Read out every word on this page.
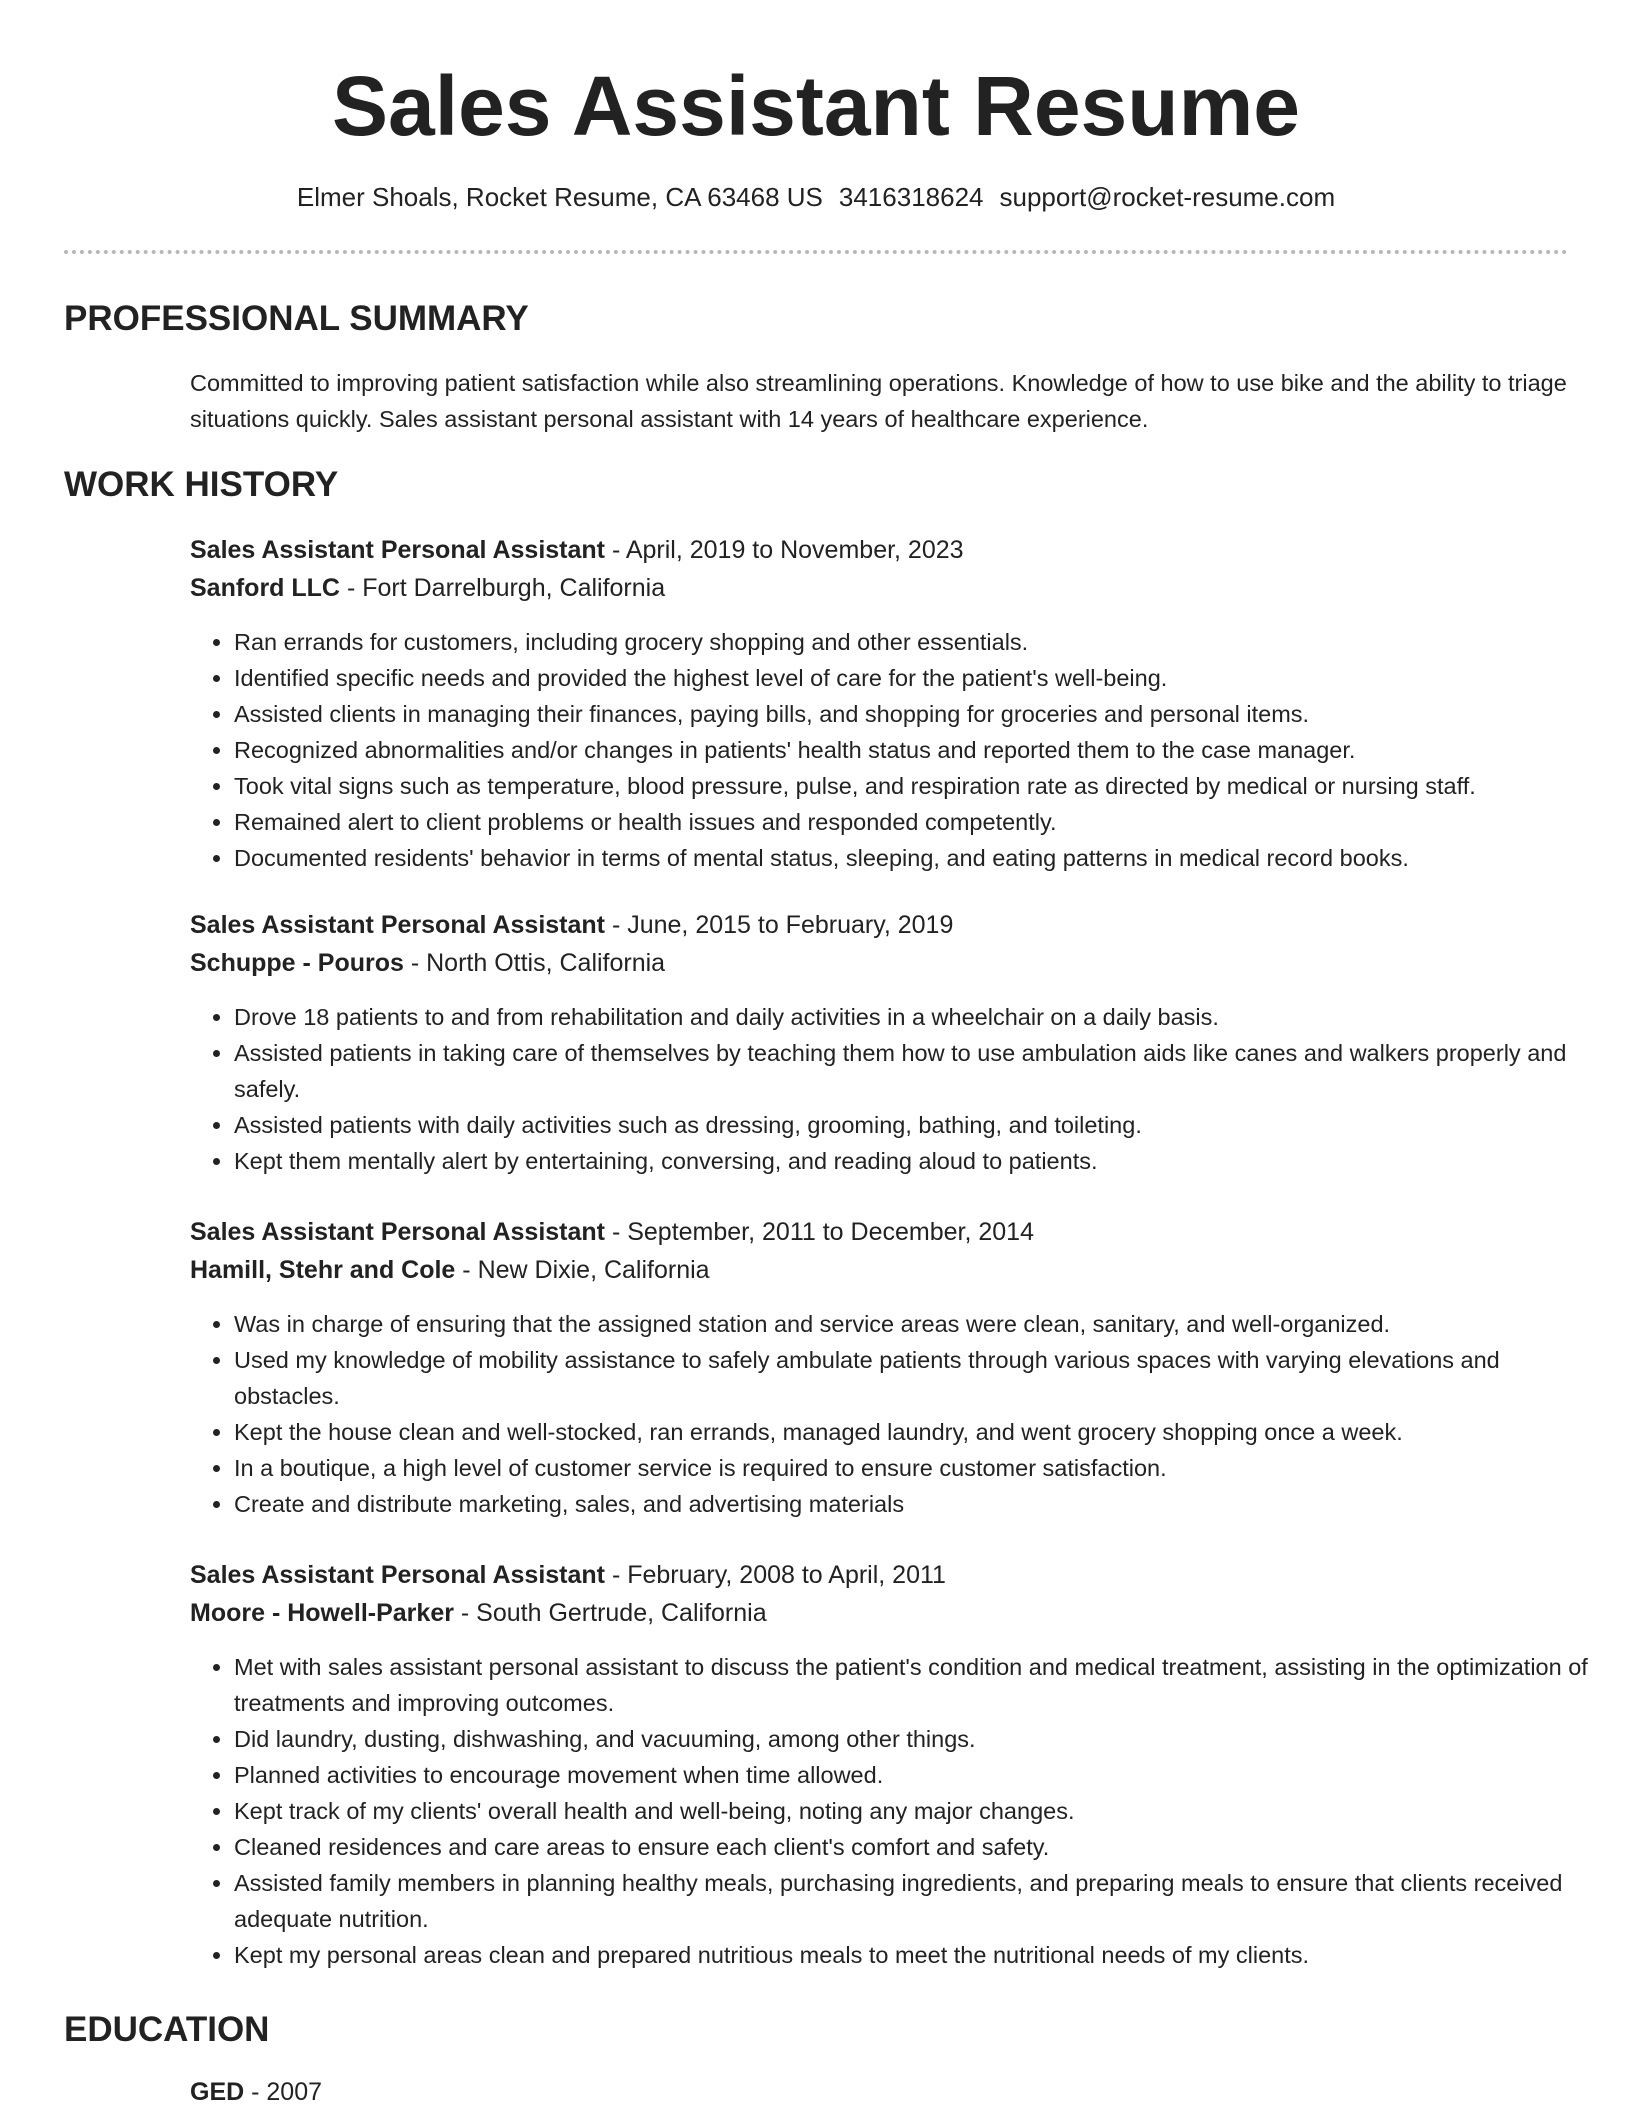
Sales Assistant Resume
Elmer Shoals, Rocket Resume, CA 63468 US 3416318624 support@rocket-resume.com
PROFESSIONAL SUMMARY
Committed to improving patient satisfaction while also streamlining operations. Knowledge of how to use bike and the ability to triage situations quickly. Sales assistant personal assistant with 14 years of healthcare experience.
WORK HISTORY
Sales Assistant Personal Assistant - April, 2019 to November, 2023
Sanford LLC - Fort Darrelburgh, California
• Ran errands for customers, including grocery shopping and other essentials.
• Identified specific needs and provided the highest level of care for the patient's well-being.
• Assisted clients in managing their finances, paying bills, and shopping for groceries and personal items.
• Recognized abnormalities and/or changes in patients' health status and reported them to the case manager.
• Took vital signs such as temperature, blood pressure, pulse, and respiration rate as directed by medical or nursing staff.
• Remained alert to client problems or health issues and responded competently.
• Documented residents' behavior in terms of mental status, sleeping, and eating patterns in medical record books.
Sales Assistant Personal Assistant - June, 2015 to February, 2019
Schuppe - Pouros - North Ottis, California
• Drove 18 patients to and from rehabilitation and daily activities in a wheelchair on a daily basis.
• Assisted patients in taking care of themselves by teaching them how to use ambulation aids like canes and walkers properly and safely.
• Assisted patients with daily activities such as dressing, grooming, bathing, and toileting.
• Kept them mentally alert by entertaining, conversing, and reading aloud to patients.
Sales Assistant Personal Assistant - September, 2011 to December, 2014
Hamill, Stehr and Cole - New Dixie, California
• Was in charge of ensuring that the assigned station and service areas were clean, sanitary, and well-organized.
• Used my knowledge of mobility assistance to safely ambulate patients through various spaces with varying elevations and obstacles.
• Kept the house clean and well-stocked, ran errands, managed laundry, and went grocery shopping once a week.
• In a boutique, a high level of customer service is required to ensure customer satisfaction.
• Create and distribute marketing, sales, and advertising materials
Sales Assistant Personal Assistant - February, 2008 to April, 2011
Moore - Howell-Parker - South Gertrude, California
• Met with sales assistant personal assistant to discuss the patient's condition and medical treatment, assisting in the optimization of treatments and improving outcomes.
• Did laundry, dusting, dishwashing, and vacuuming, among other things.
• Planned activities to encourage movement when time allowed.
• Kept track of my clients' overall health and well-being, noting any major changes.
• Cleaned residences and care areas to ensure each client's comfort and safety.
• Assisted family members in planning healthy meals, purchasing ingredients, and preparing meals to ensure that clients received adequate nutrition.
• Kept my personal areas clean and prepared nutritious meals to meet the nutritional needs of my clients.
EDUCATION
GED - 2007
